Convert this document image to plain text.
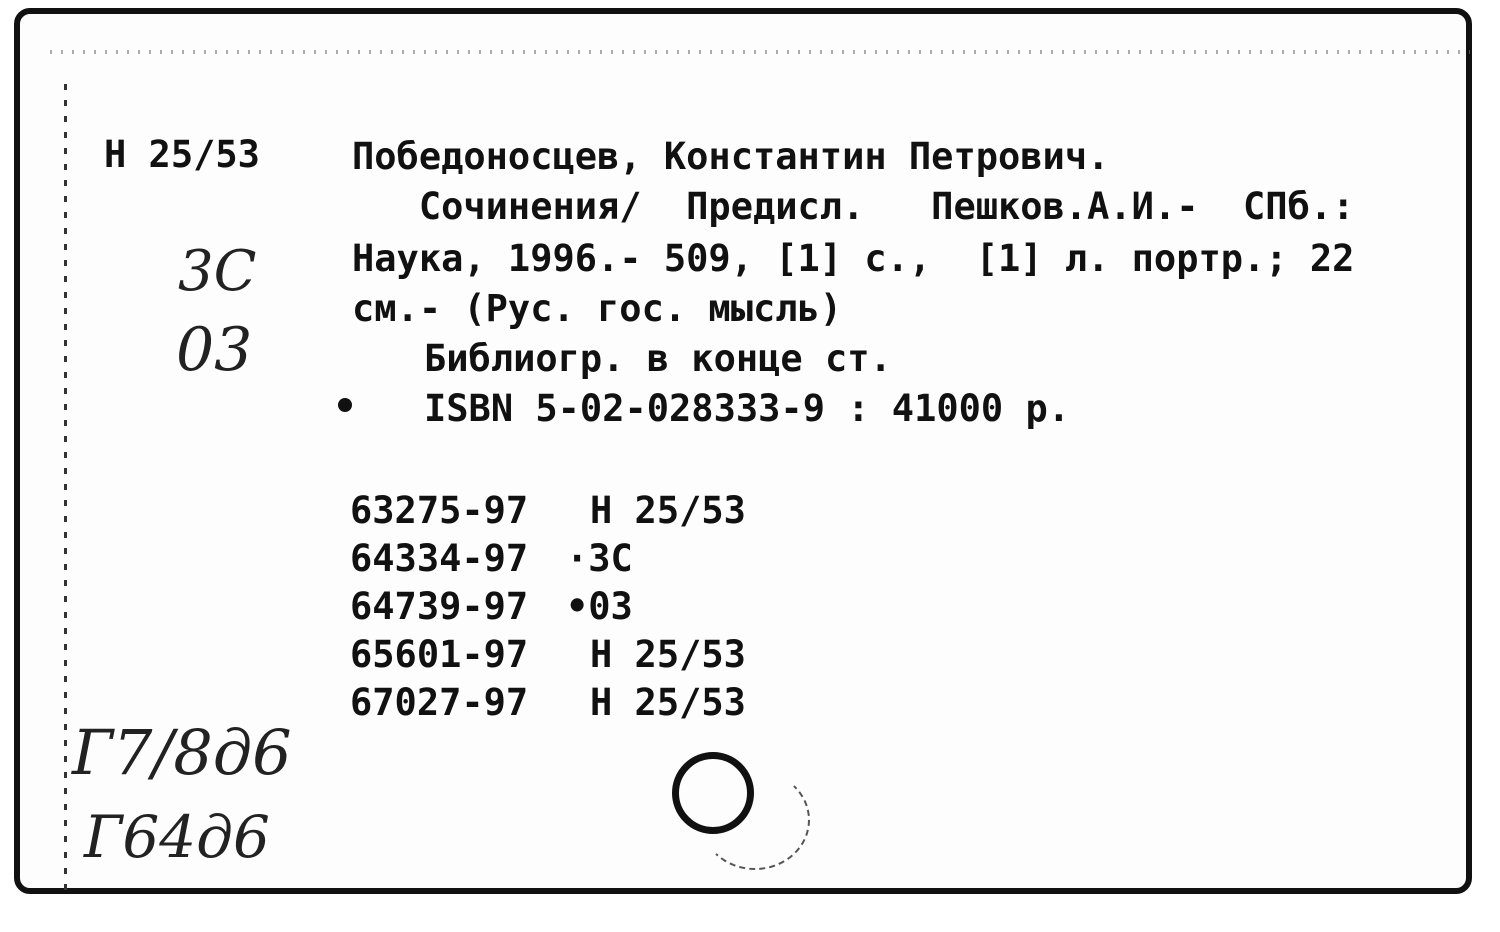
Н 25/53 Победоносцев, Константин Петрович.
Сочинения/  Предисл.   Пешков.А.И.-  СПб.:
Наука, 1996.- 509, [1] с.,  [1] л. портр.; 22
см.- (Рус. гос. мысль)
Библиогр. в конце ст.
ISBN 5-02-028333-9 : 41000 р.
63275-97 Н 25/53
64334-97 ·3С
64739-97 •03
65601-97 Н 25/53
67027-97 Н 25/53
3С
03
Г7/8д6
Г64д6
